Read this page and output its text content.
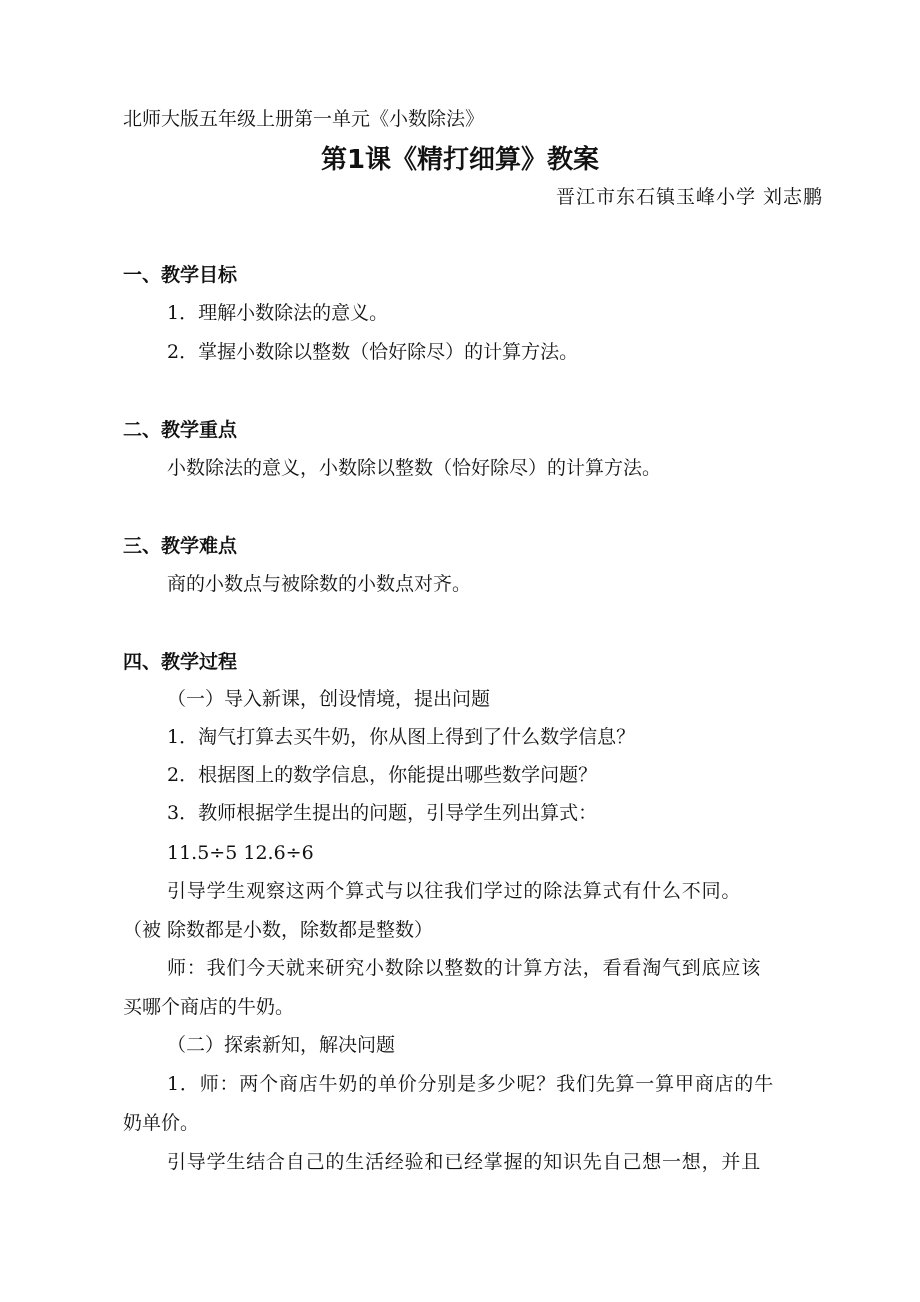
北师大版五年级上册第一单元《小数除法》
第1课《精打细算》教案
晋江市东石镇玉峰小学 刘志鹏
一、教学目标
1．理解小数除法的意义。
2．掌握小数除以整数（恰好除尽）的计算方法。
二、教学重点
小数除法的意义，小数除以整数（恰好除尽）的计算方法。
三、教学难点
商的小数点与被除数的小数点对齐。
四、教学过程
（一）导入新课，创设情境，提出问题
1．淘气打算去买牛奶，你从图上得到了什么数学信息？
2．根据图上的数学信息，你能提出哪些数学问题？
3．教师根据学生提出的问题，引导学生列出算式：
11.5÷5 12.6÷6
引导学生观察这两个算式与以往我们学过的除法算式有什么不同。
（被 除数都是小数，除数都是整数）
师：我们今天就来研究小数除以整数的计算方法，看看淘气到底应该
买哪个商店的牛奶。
（二）探索新知，解决问题
1．师：两个商店牛奶的单价分别是多少呢？我们先算一算甲商店的牛
奶单价。
引导学生结合自己的生活经验和已经掌握的知识先自己想一想，并且
